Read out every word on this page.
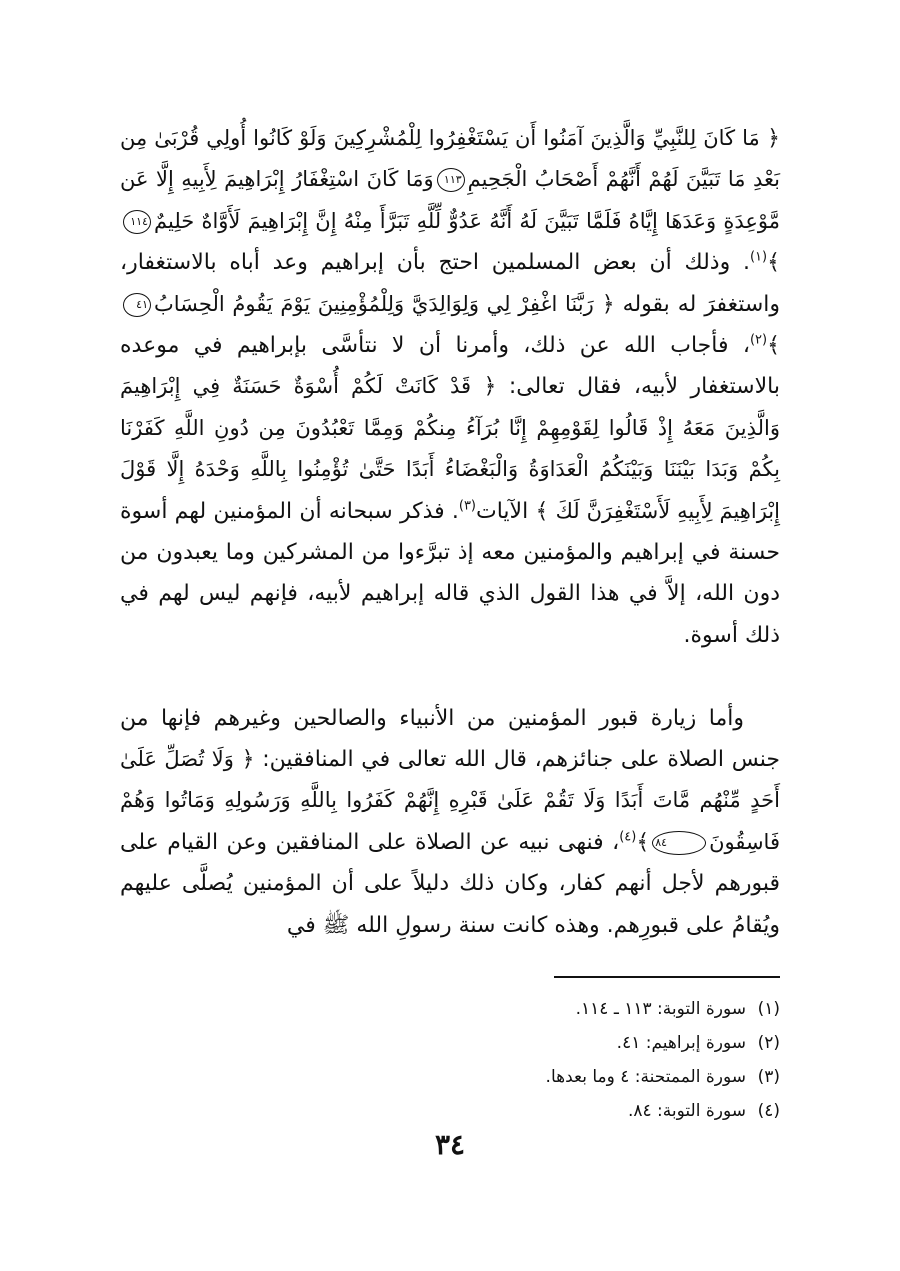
﴿ مَا كَانَ لِلنَّبِيِّ وَالَّذِينَ آمَنُوا أَن يَسْتَغْفِرُوا لِلْمُشْرِكِينَ وَلَوْ كَانُوا أُولِي قُرْبَىٰ مِن بَعْدِ مَا تَبَيَّنَ لَهُمْ أَنَّهُمْ أَصْحَابُ الْجَحِيمِ١١٣وَمَا كَانَ اسْتِغْفَارُ إِبْرَاهِيمَ لِأَبِيهِ إِلَّا عَن مَّوْعِدَةٍ وَعَدَهَا إِيَّاهُ فَلَمَّا تَبَيَّنَ لَهُ أَنَّهُ عَدُوٌّ لِّلَّهِ تَبَرَّأَ مِنْهُ إِنَّ إِبْرَاهِيمَ لَأَوَّاهٌ حَلِيمٌ١١٤﴾$^{(١)}$. وذلك أن بعض المسلمين احتج بأن إبراهيم وعد أباه بالاستغفار، واستغفرَ له بقوله ﴿ رَبَّنَا اغْفِرْ لِي وَلِوَالِدَيَّ وَلِلْمُؤْمِنِينَ يَوْمَ يَقُومُ الْحِسَابُ٤١﴾$^{(٢)}$، فأجاب الله عن ذلك، وأمرنا أن لا نتأسَّى بإبراهيم في موعده بالاستغفار لأبيه، فقال تعالى: ﴿ قَدْ كَانَتْ لَكُمْ أُسْوَةٌ حَسَنَةٌ فِي إِبْرَاهِيمَ وَالَّذِينَ مَعَهُ إِذْ قَالُوا لِقَوْمِهِمْ إِنَّا بُرَآءُ مِنكُمْ وَمِمَّا تَعْبُدُونَ مِن دُونِ اللَّهِ كَفَرْنَا بِكُمْ وَبَدَا بَيْنَنَا وَبَيْنَكُمُ الْعَدَاوَةُ وَالْبَغْضَاءُ أَبَدًا حَتَّىٰ تُؤْمِنُوا بِاللَّهِ وَحْدَهُ إِلَّا قَوْلَ إِبْرَاهِيمَ لِأَبِيهِ لَأَسْتَغْفِرَنَّ لَكَ ﴾ الآيات$^{(٣)}$. فذكر سبحانه أن المؤمنين لهم أسوة حسنة في إبراهيم والمؤمنين معه إذ تبرَّءوا من المشركين وما يعبدون من دون الله، إلاَّ في هذا القول الذي قاله إبراهيم لأبيه، فإنهم ليس لهم في ذلك أسوة.

وأما زيارة قبور المؤمنين من الأنبياء والصالحين وغيرهم فإنها من جنس الصلاة على جنائزهم، قال الله تعالى في المنافقين: ﴿ وَلَا تُصَلِّ عَلَىٰ أَحَدٍ مِّنْهُم مَّاتَ أَبَدًا وَلَا تَقُمْ عَلَىٰ قَبْرِهِ إِنَّهُمْ كَفَرُوا بِاللَّهِ وَرَسُولِهِ وَمَاتُوا وَهُمْ فَاسِقُونَ٨٤﴾$^{(٤)}$، فنهى نبيه عن الصلاة على المنافقين وعن القيام على قبورهم لأجل أنهم كفار، وكان ذلك دليلاً على أن المؤمنين يُصلَّى عليهم ويُقامُ على قبورِهم. وهذه كانت سنة رسولِ الله ﷺ في

(١)
سورة التوبة: ١١٣ ـ ١١٤.
(٢)
سورة إبراهيم: ٤١.
(٣)
سورة الممتحنة: ٤ وما بعدها.
(٤)
سورة التوبة: ٨٤.
٣٤
